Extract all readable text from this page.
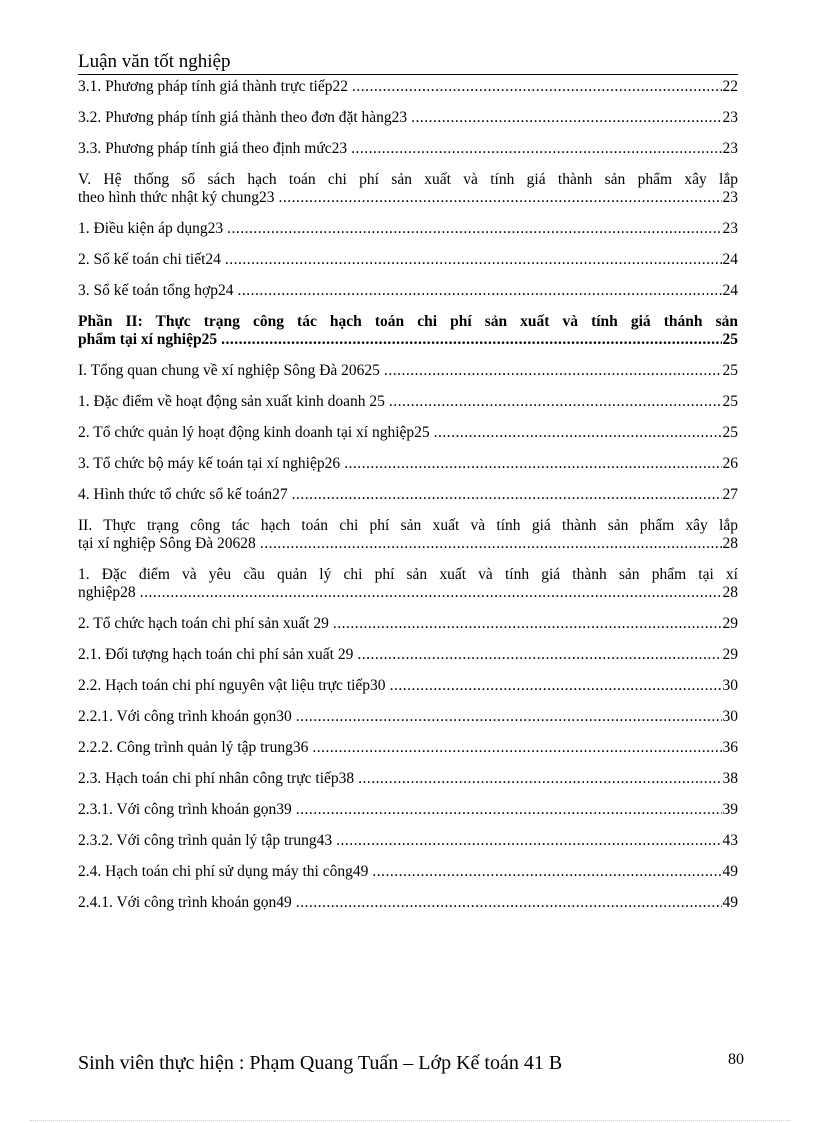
Luận văn tốt nghiệp
3.1. Phương pháp tính giá thành trực tiếp22 .....	22
3.2. Phương pháp tính giá thành theo đơn đặt hàng23 .....	23
3.3. Phương pháp tính giá theo định mức23 .....	23
V. Hệ thống sổ sách hạch toán chi phí sản xuất và tính giá thành sản phẩm xây lắp
theo hình thức nhật ký chung23 .....	23
1. Điều kiện áp dụng23 .....	23
2. Sổ kế toán chi tiết24 .....	24
3. Sổ kế toán tổng hợp24 .....	24
Phần II: Thực trạng công tác hạch toán chi phí sản xuất và tính giá thánh sản
phẩm tại xí nghiệp25 .....	25
I. Tổng quan chung về xí nghiệp Sông Đà 20625 .....	25
1. Đặc điểm về hoạt động sản xuất kinh doanh 25 .....	25
2. Tổ chức quản lý hoạt động kinh doanh tại xí nghiệp25 .....	25
3. Tổ chức bộ máy kế toán tại xí nghiệp26 .....	26
4. Hình thức tổ chức sổ kế toán27 .....	27
II. Thực trạng công tác hạch toán chi phí sản xuất và tính giá thành sản phẩm xây lắp
tại xí nghiệp Sông Đà 20628 .....	28
1. Đặc điểm và yêu cầu quản lý chi phí sản xuất và tính giá thành sản phẩm tại xí
nghiệp28 .....	28
2. Tổ chức hạch toán chi phí sản xuất 29 .....	29
2.1. Đối tượng hạch toán chi phí sản xuất 29 .....	29
2.2. Hạch toán chi phí nguyên vật liệu trực tiếp30 .....	30
2.2.1. Với công trình khoán gọn30 .....	30
2.2.2. Công trình quản lý tập trung36 .....	36
2.3. Hạch toán chi phí nhân công trực tiếp38 .....	38
2.3.1. Với công trình khoán gọn39 .....	39
2.3.2. Với công trình quản lý tập trung43 .....	43
2.4. Hạch toán chi phí sử dụng máy thi công49 .....	49
2.4.1. Với công trình khoán gọn49 .....	49
Sinh viên thực hiện : Phạm Quang Tuấn – Lớp Kế toán 41 B	80
